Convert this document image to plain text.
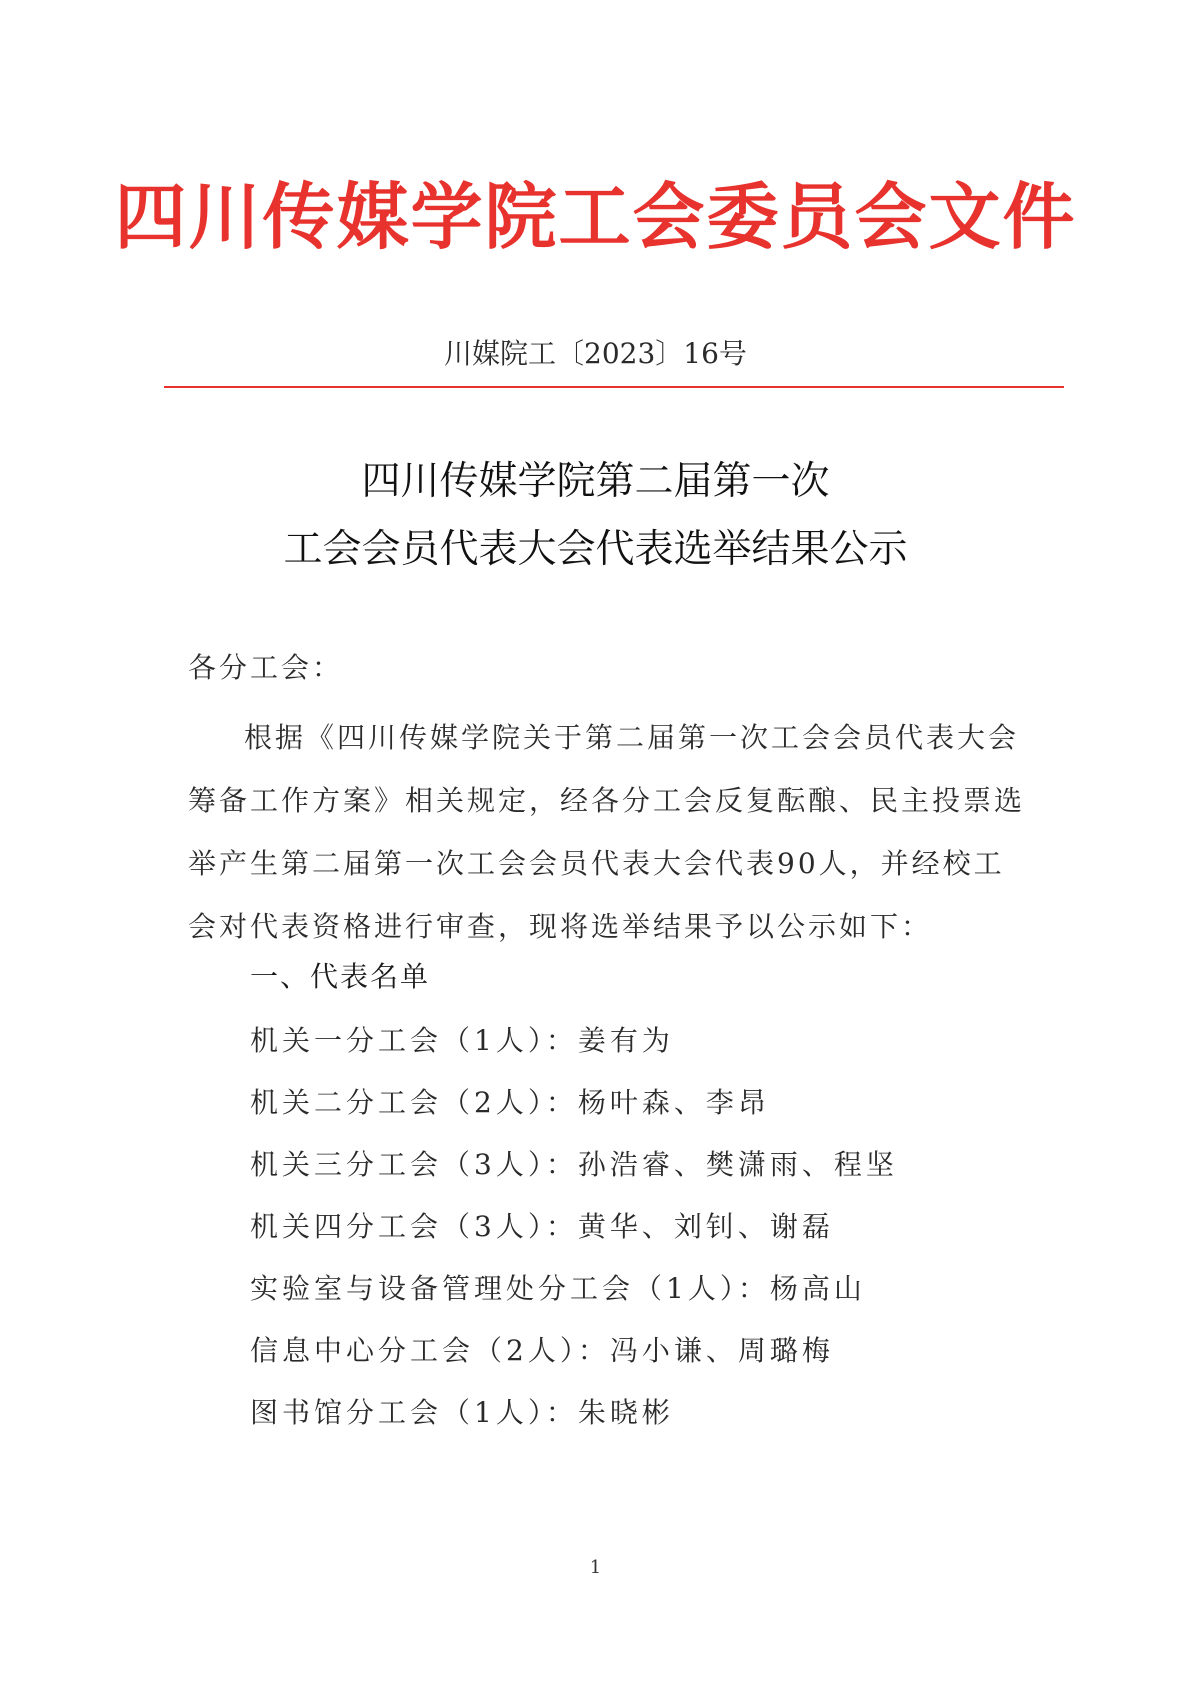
四川传媒学院工会委员会文件
川媒院工〔2023〕16号
四川传媒学院第二届第一次
工会会员代表大会代表选举结果公示
各分工会：
根据《四川传媒学院关于第二届第一次工会会员代表大会筹备工作方案》相关规定，经各分工会反复酝酿、民主投票选举产生第二届第一次工会会员代表大会代表90人，并经校工会对代表资格进行审查，现将选举结果予以公示如下：
一、代表名单
机关一分工会（1人）：姜有为
机关二分工会（2人）：杨叶森、李昂
机关三分工会（3人）：孙浩睿、樊潇雨、程坚
机关四分工会（3人）：黄华、刘钊、谢磊
实验室与设备管理处分工会（1人）：杨高山
信息中心分工会（2人）：冯小谦、周璐梅
图书馆分工会（1人）：朱晓彬
1
